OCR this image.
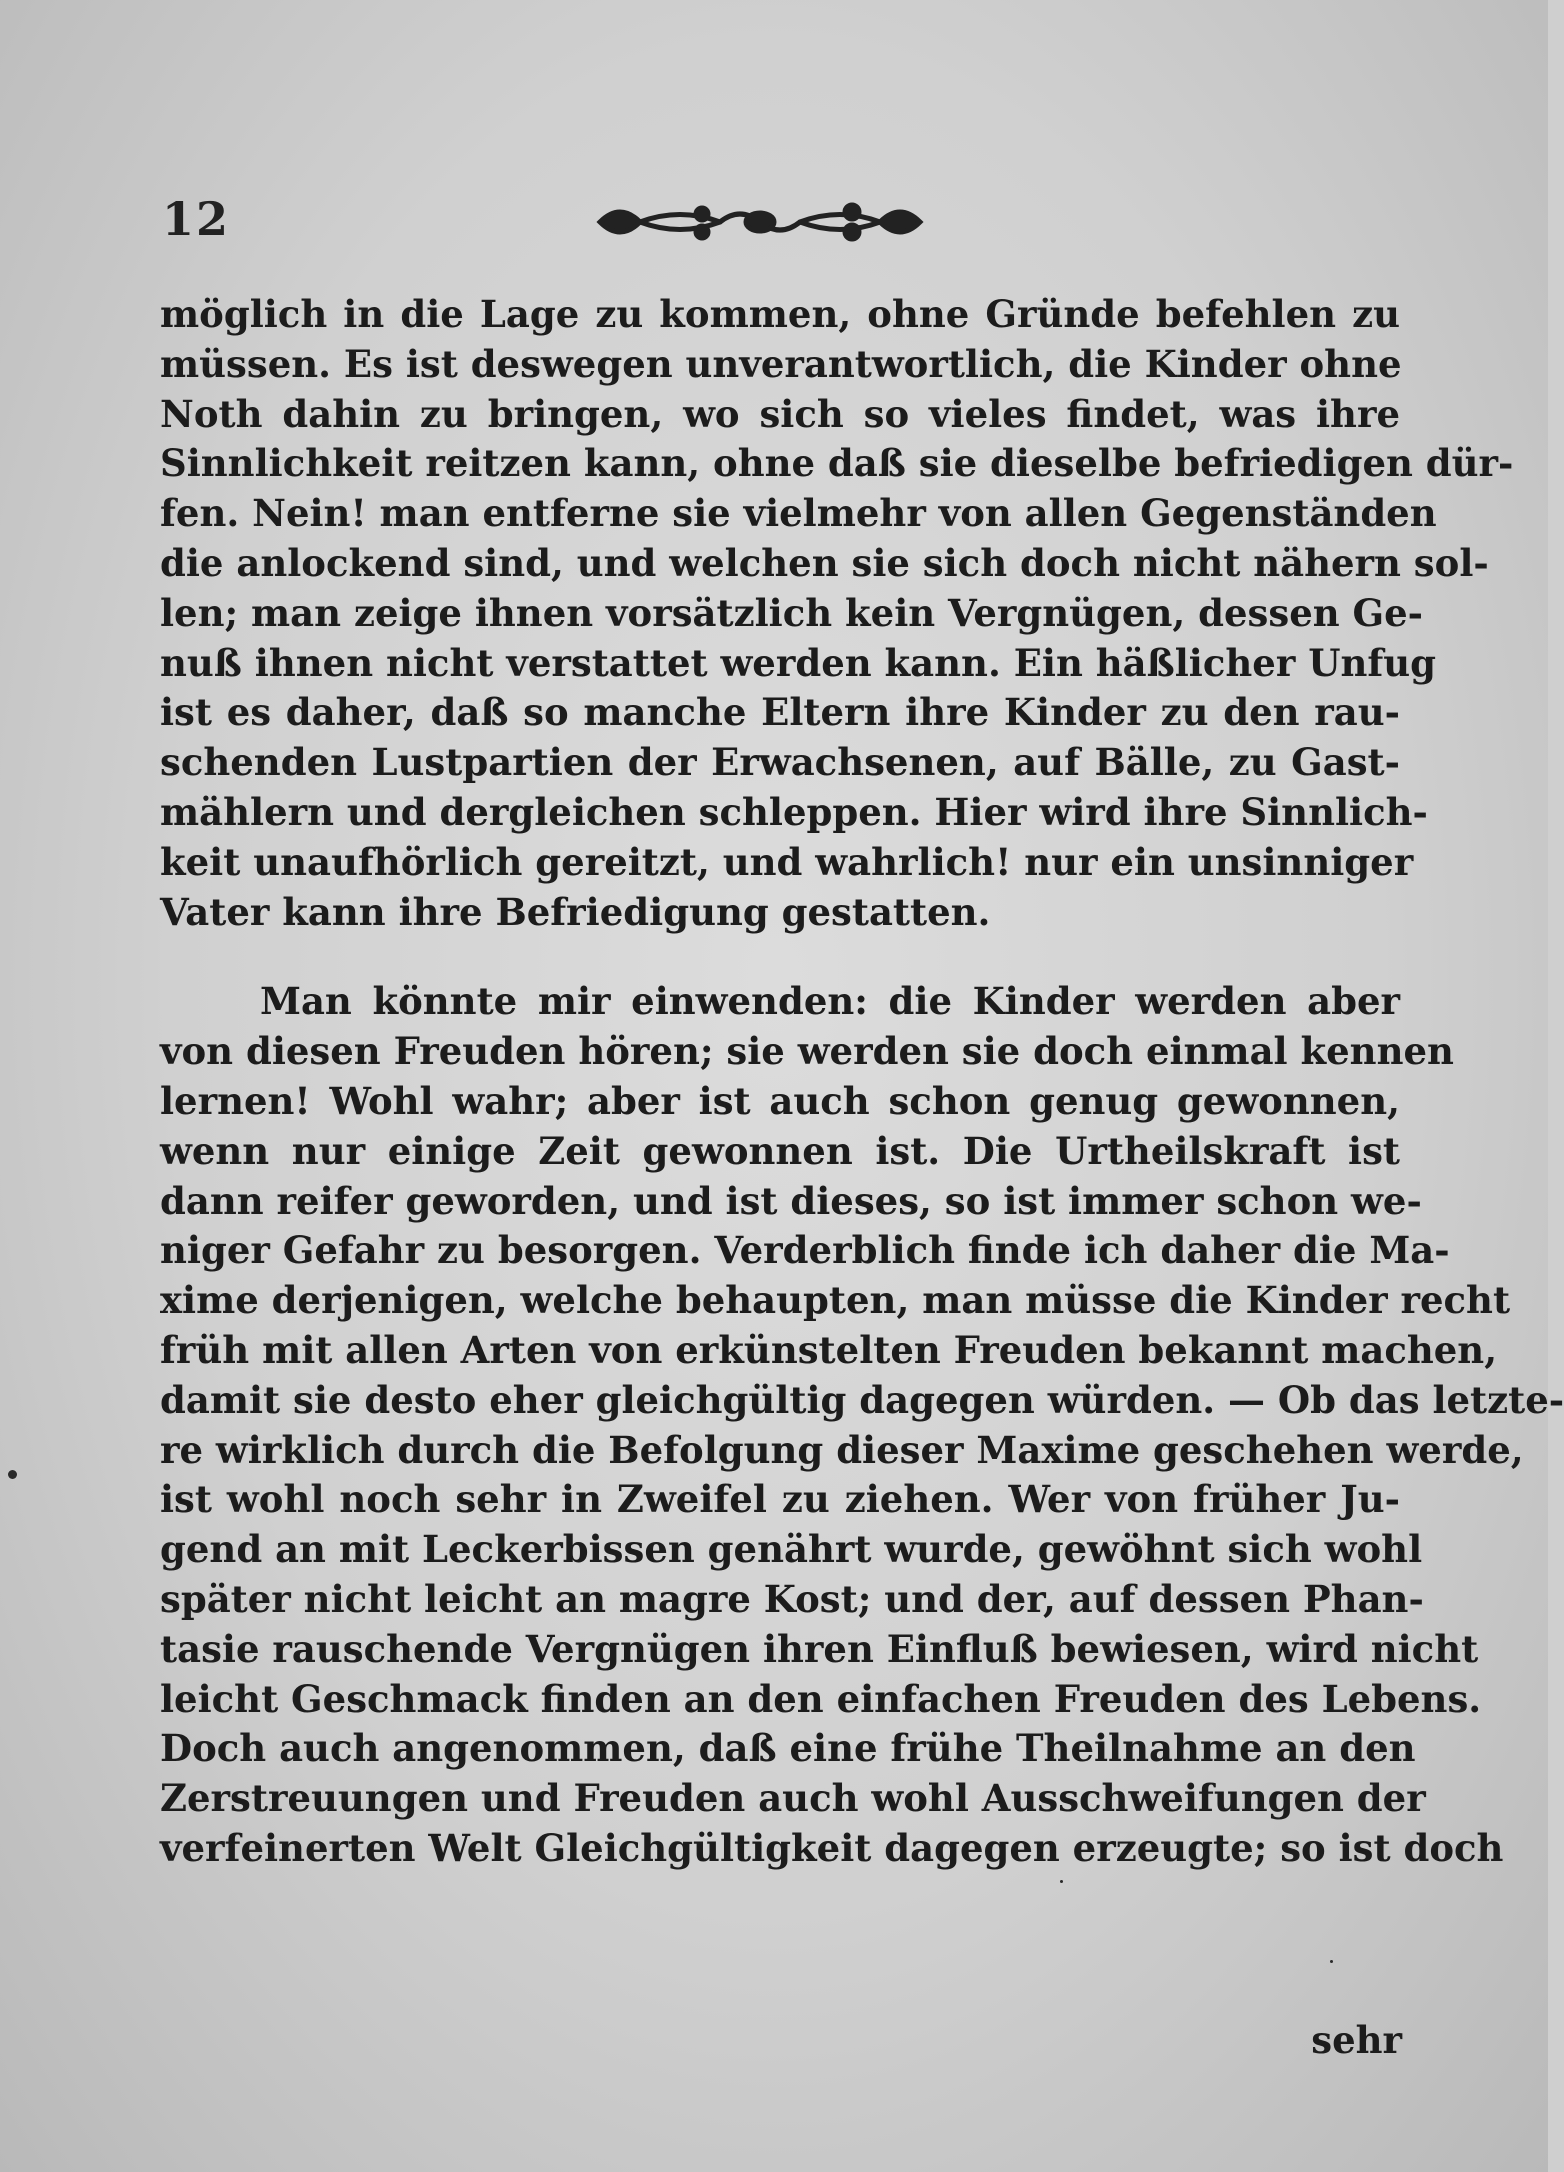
12
möglich in die Lage zu kommen, ohne Gründe befehlen zu
müssen. Es ist deswegen unverantwortlich, die Kinder ohne
Noth dahin zu bringen, wo sich so vieles findet, was ihre
Sinnlichkeit reitzen kann, ohne daß sie dieselbe befriedigen dür-
fen. Nein! man entferne sie vielmehr von allen Gegenständen
die anlockend sind, und welchen sie sich doch nicht nähern sol-
len; man zeige ihnen vorsätzlich kein Vergnügen, dessen Ge-
nuß ihnen nicht verstattet werden kann. Ein häßlicher Unfug
ist es daher, daß so manche Eltern ihre Kinder zu den rau-
schenden Lustpartien der Erwachsenen, auf Bälle, zu Gast-
mählern und dergleichen schleppen. Hier wird ihre Sinnlich-
keit unaufhörlich gereitzt, und wahrlich! nur ein unsinniger
Vater kann ihre Befriedigung gestatten.
Man könnte mir einwenden: die Kinder werden aber
von diesen Freuden hören; sie werden sie doch einmal kennen
lernen! Wohl wahr; aber ist auch schon genug gewonnen,
wenn nur einige Zeit gewonnen ist. Die Urtheilskraft ist
dann reifer geworden, und ist dieses, so ist immer schon we-
niger Gefahr zu besorgen. Verderblich finde ich daher die Ma-
xime derjenigen, welche behaupten, man müsse die Kinder recht
früh mit allen Arten von erkünstelten Freuden bekannt machen,
damit sie desto eher gleichgültig dagegen würden. — Ob das letzte-
re wirklich durch die Befolgung dieser Maxime geschehen werde,
ist wohl noch sehr in Zweifel zu ziehen. Wer von früher Ju-
gend an mit Leckerbissen genährt wurde, gewöhnt sich wohl
später nicht leicht an magre Kost; und der, auf dessen Phan-
tasie rauschende Vergnügen ihren Einfluß bewiesen, wird nicht
leicht Geschmack finden an den einfachen Freuden des Lebens.
Doch auch angenommen, daß eine frühe Theilnahme an den
Zerstreuungen und Freuden auch wohl Ausschweifungen der
verfeinerten Welt Gleichgültigkeit dagegen erzeugte; so ist doch
sehr
